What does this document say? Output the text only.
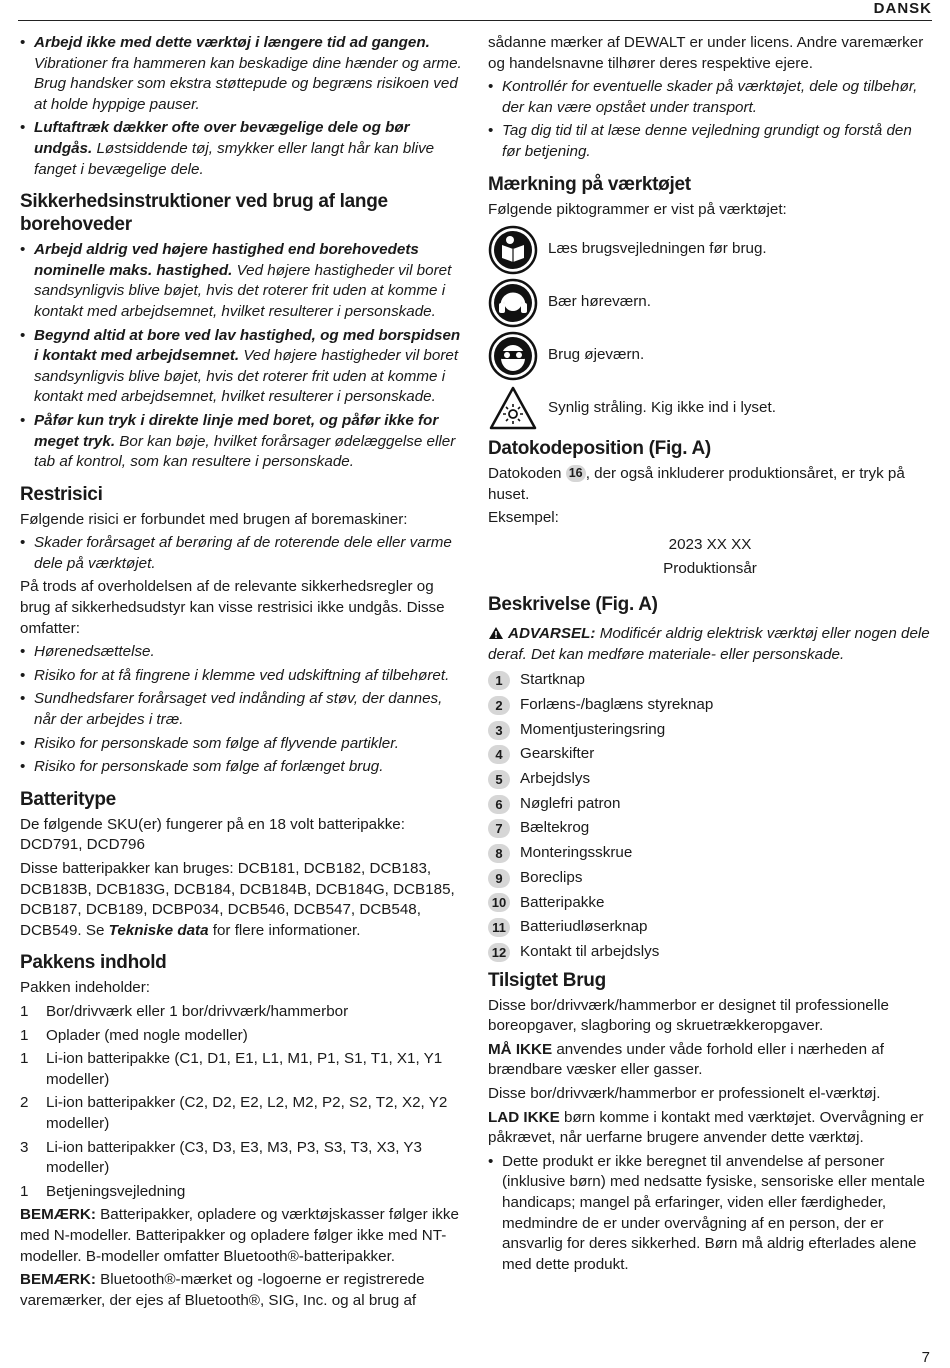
DANSK
• Arbejd ikke med dette værktøj i længere tid ad gangen. Vibrationer fra hammeren kan beskadige dine hænder og arme. Brug handsker som ekstra støttepude og begræns risikoen ved at holde hyppige pauser.
• Luftaftræk dækker ofte over bevægelige dele og bør undgås. Løstsiddende tøj, smykker eller langt hår kan blive fanget i bevægelige dele.
Sikkerhedsinstruktioner ved brug af lange borehoveder
• Arbejd aldrig ved højere hastighed end borehovedets nominelle maks. hastighed. Ved højere hastigheder vil boret sandsynligvis blive bøjet, hvis det roterer frit uden at komme i kontakt med arbejdsemnet, hvilket resulterer i personskade.
• Begynd altid at bore ved lav hastighed, og med borspidsen i kontakt med arbejdsemnet. Ved højere hastigheder vil boret sandsynligvis blive bøjet, hvis det roterer frit uden at komme i kontakt med arbejdsemnet, hvilket resulterer i personskade.
• Påfør kun tryk i direkte linje med boret, og påfør ikke for meget tryk. Bor kan bøje, hvilket forårsager ødelæggelse eller tab af kontrol, som kan resultere i personskade.
Restrisici

Følgende risici er forbundet med brugen af boremaskiner:

• Skader forårsaget af berøring af de roterende dele eller varme dele på værktøjet.

På trods af overholdelsen af de relevante sikkerhedsregler og brug af sikkerhedsudstyr kan visse restrisici ikke undgås. Disse omfatter:

• Hørenedsættelse.
• Risiko for at få fingrene i klemme ved udskiftning af tilbehøret.
• Sundhedsfarer forårsaget ved indånding af støv, der dannes, når der arbejdes i træ.
• Risiko for personskade som følge af flyvende partikler.
• Risiko for personskade som følge af forlænget brug.
Batteritype

De følgende SKU(er) fungerer på en 18 volt batteripakke: DCD791, DCD796

Disse batteripakker kan bruges: DCB181, DCB182, DCB183, DCB183B, DCB183G, DCB184, DCB184B, DCB184G, DCB185, DCB187, DCB189, DCBP034, DCB546, DCB547, DCB548, DCB549. Se Tekniske data for flere informationer.

Pakkens indhold

Pakken indeholder:

1 Bor/drivværk eller 1 bor/drivværk/hammerbor
1 Oplader (med nogle modeller)
1 Li-ion batteripakke (C1, D1, E1, L1, M1, P1, S1, T1, X1, Y1 modeller)
2 Li-ion batteripakker (C2, D2, E2, L2, M2, P2, S2, T2, X2, Y2 modeller)
3 Li-ion batteripakker (C3, D3, E3, M3, P3, S3, T3, X3, Y3 modeller)
1 Betjeningsvejledning

BEMÆRK: Batteripakker, opladere og værktøjskasser følger ikke med N-modeller. Batteripakker og opladere følger ikke med NT-modeller. B-modeller omfatter Bluetooth®-batteripakker.

BEMÆRK: Bluetooth®-mærket og -logoerne er registrerede varemærker, der ejes af Bluetooth®, SIG, Inc. og al brug af

sådanne mærker af DEWALT er under licens. Andre varemærker og handelsnavne tilhører deres respektive ejere.

• Kontrollér for eventuelle skader på værktøjet, dele og tilbehør, der kan være opstået under transport.
• Tag dig tid til at læse denne vejledning grundigt og forstå den før betjening.
Mærkning på værktøjet

Følgende piktogrammer er vist på værktøjet:

Læs brugsvejledningen før brug.
Bær høreværn.
Brug øjeværn.
Synlig stråling. Kig ikke ind i lyset.
Datokodeposition (Fig. A)

Datokoden 16 , der også inkluderer produktionsåret, er tryk på huset.

Eksempel:

2023 XX XX

Produktionsår

Beskrivelse (Fig. A)

ADVARSEL: Modificér aldrig elektrisk værktøj eller nogen dele deraf. Det kan medføre materiale- eller personskade.

1	Startknap
2	Forlæns-/baglæns styreknap
3	Momentjusteringsring
4	Gearskifter
5	Arbejdslys
6	Nøglefri patron
7	Bæltekrog
8	Monteringsskrue
9	Boreclips
10 Batteripakke
11 Batteriudløserknap
12 Kontakt til arbejdslys
Tilsigtet Brug

Disse bor/drivværk/hammerbor er designet til professionelle boreopgaver, slagboring og skruetrækkeropgaver.

MÅ IKKE anvendes under våde forhold eller i nærheden af brændbare væsker eller gasser.

Disse bor/drivværk/hammerbor er professionelt el-værktøj.

LAD IKKE børn komme i kontakt med værktøjet. Overvågning er påkrævet, når uerfarne brugere anvender dette værktøj.

• Dette produkt er ikke beregnet til anvendelse af personer (inklusive børn) med nedsatte fysiske, sensoriske eller mentale handicaps; mangel på erfaringer, viden eller færdigheder, medmindre de er under overvågning af en person, der er ansvarlig for deres sikkerhed. Børn må aldrig efterlades alene med dette produkt.
7
